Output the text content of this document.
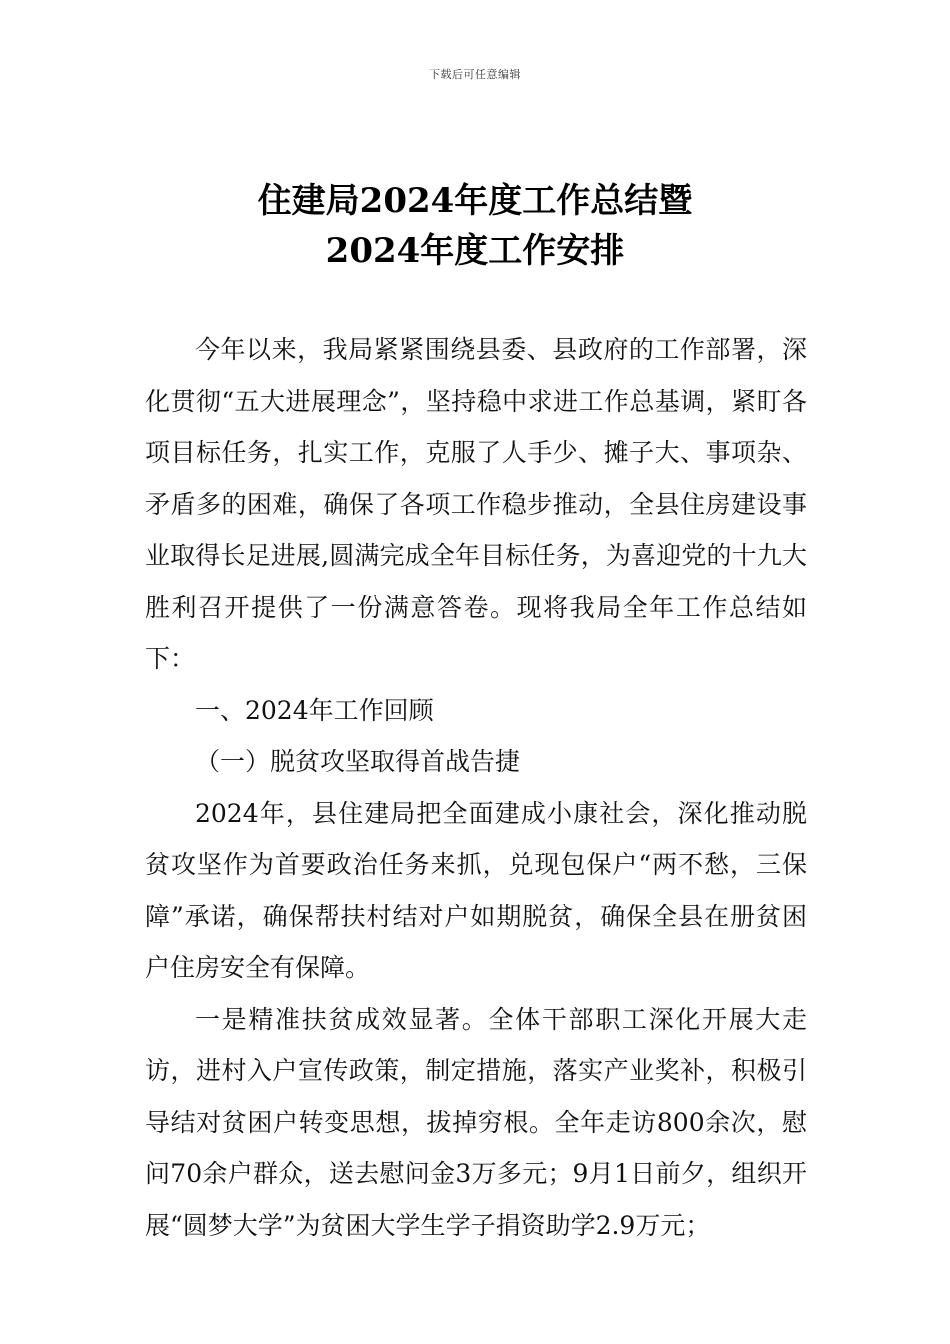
下载后可任意编辑
住建局2024年度工作总结暨
2024年度工作安排

今年以来，我局紧紧围绕县委、县政府的工作部署，深化贯彻“五大进展理念”，坚持稳中求进工作总基调，紧盯各项目标任务，扎实工作，克服了人手少、摊子大、事项杂、矛盾多的困难，确保了各项工作稳步推动，全县住房建设事业取得长足进展,圆满完成全年目标任务，为喜迎党的十九大胜利召开提供了一份满意答卷。现将我局全年工作总结如下：

一、2024年工作回顾

（一）脱贫攻坚取得首战告捷

2024年，县住建局把全面建成小康社会，深化推动脱贫攻坚作为首要政治任务来抓，兑现包保户“两不愁，三保障”承诺，确保帮扶村结对户如期脱贫，确保全县在册贫困户住房安全有保障。

一是精准扶贫成效显著。全体干部职工深化开展大走访，进村入户宣传政策，制定措施，落实产业奖补，积极引导结对贫困户转变思想，拔掉穷根。全年走访800余次，慰问70余户群众，送去慰问金3万多元；9月1日前夕，组织开展“圆梦大学”为贫困大学生学子捐资助学2.9万元；
